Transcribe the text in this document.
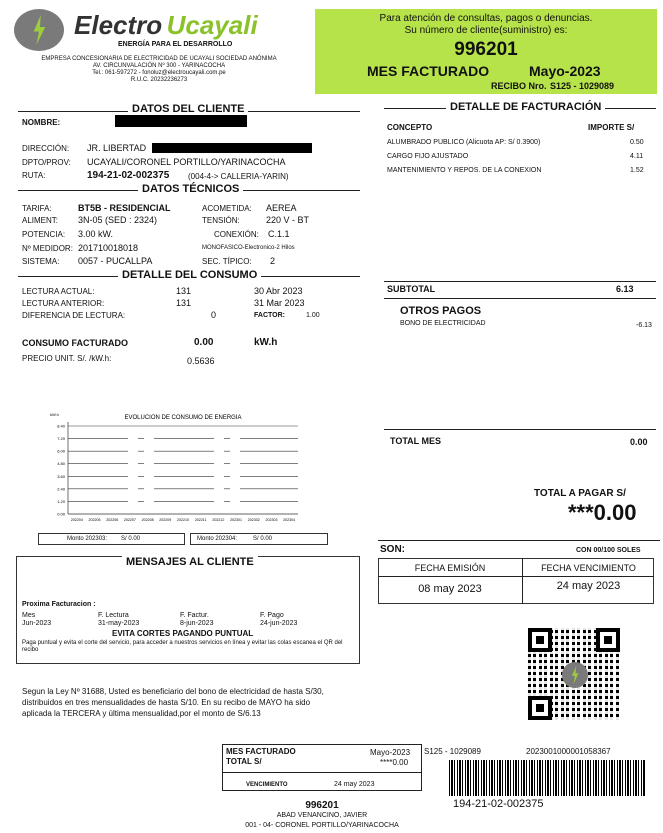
Electro Ucayali
ENERGÍA PARA EL DESARROLLO
EMPRESA CONCESIONARIA DE ELECTRICIDAD DE UCAYALI SOCIEDAD ANÓNIMA
AV. CIRCUNVALACIÓN Nº 300 - YARINACOCHA
Tel.: 061-597272 - fonoluz@electroucayali.com.pe
R.U.C. 20232236273
Para atención de consultas, pagos o denuncias.
Su número de cliente(suministro) es:
996201
MES FACTURADO	Mayo-2023
RECIBO Nro. S125 - 1029089
DATOS DEL CLIENTE
NOMBRE:
DIRECCIÓN: JR. LIBERTAD
DPTO/PROV: UCAYALI/CORONEL PORTILLO/YARINACOCHA
RUTA:	194-21-02-002375 (004-4-> CALLERIA-YARIN)
DATOS TÉCNICOS
TARIFA:	BT5B - RESIDENCIAL
ALIMENT: 3N-05 (SED : 2324)
POTENCIA: 3.00 kW.
Nº MEDIDOR: 201710018018
SISTEMA: 0057 - PUCALLPA
ACOMETIDA: AEREA
TENSIÓN:	220 V - BT
CONEXIÓN: C.1.1
MONOFASICO-Electronico-2 Hilos
SEC. TÍPICO: 2
DETALLE DEL CONSUMO
LECTURA ACTUAL:	131	30 Abr 2023
LECTURA ANTERIOR:	131	31 Mar 2023
DIFERENCIA DE LECTURA:	0	FACTOR:	1.00
CONSUMO FACTURADO	0.00	kW.h
PRECIO UNIT. S/. /kW.h:	0.5636
EVOLUCION DE CONSUMO DE ENERGIA
kW.h
8.40
7.20
6.00
4.80
3.60
2.40
1.20
0.00
202204 202205 202206 202207 202208 202209 202210 202211 202212 202301 202302 202303 202304
Monto 202303: S/ 0.00	Monto 202304:	S/ 0.00
MENSAJES AL CLIENTE
Proxima Facturacion :
Mes
Jun-2023
F. Lectura
31-may-2023
F. Factur.
8-jun-2023
F. Pago
24-jun-2023
EVITA CORTES PAGANDO PUNTUAL
Paga puntual y evita el corte del servicio, para acceder a nuestros servicios en línea y evitar las colas escanea el QR del recibo
Segun la Ley Nº 31688, Usted es beneficiario del bono de electricidad de hasta S/30, distribuidos en tres mensualidades de hasta S/10. En su recibo de MAYO ha sido aplicada la TERCERA y última mensualidad,por el monto de S/6.13
DETALLE DE FACTURACIÓN
CONCEPTO	IMPORTE S/
ALUMBRADO PUBLICO (Alicuota AP: S/ 0.3900)	0.50
CARGO FIJO AJUSTADO	4.11
MANTENIMIENTO Y REPOS. DE LA CONEXION	1.52
SUBTOTAL	6.13
OTROS PAGOS
BONO DE ELECTRICIDAD	-6.13
TOTAL MES	0.00
TOTAL A PAGAR S/
***0.00
SON:	CON 00/100 SOLES
FECHA EMISIÓN	FECHA VENCIMIENTO
08 may 2023	24 may 2023
MES FACTURADO	Mayo-2023
TOTAL S/	****0.00
VENCIMIENTO	24 may 2023
S125 - 1029089	2023001000001058367
194-21-02-002375
996201
ABAD VENANCINO, JAVIER
001 - 04- CORONEL PORTILLO/YARINACOCHA
